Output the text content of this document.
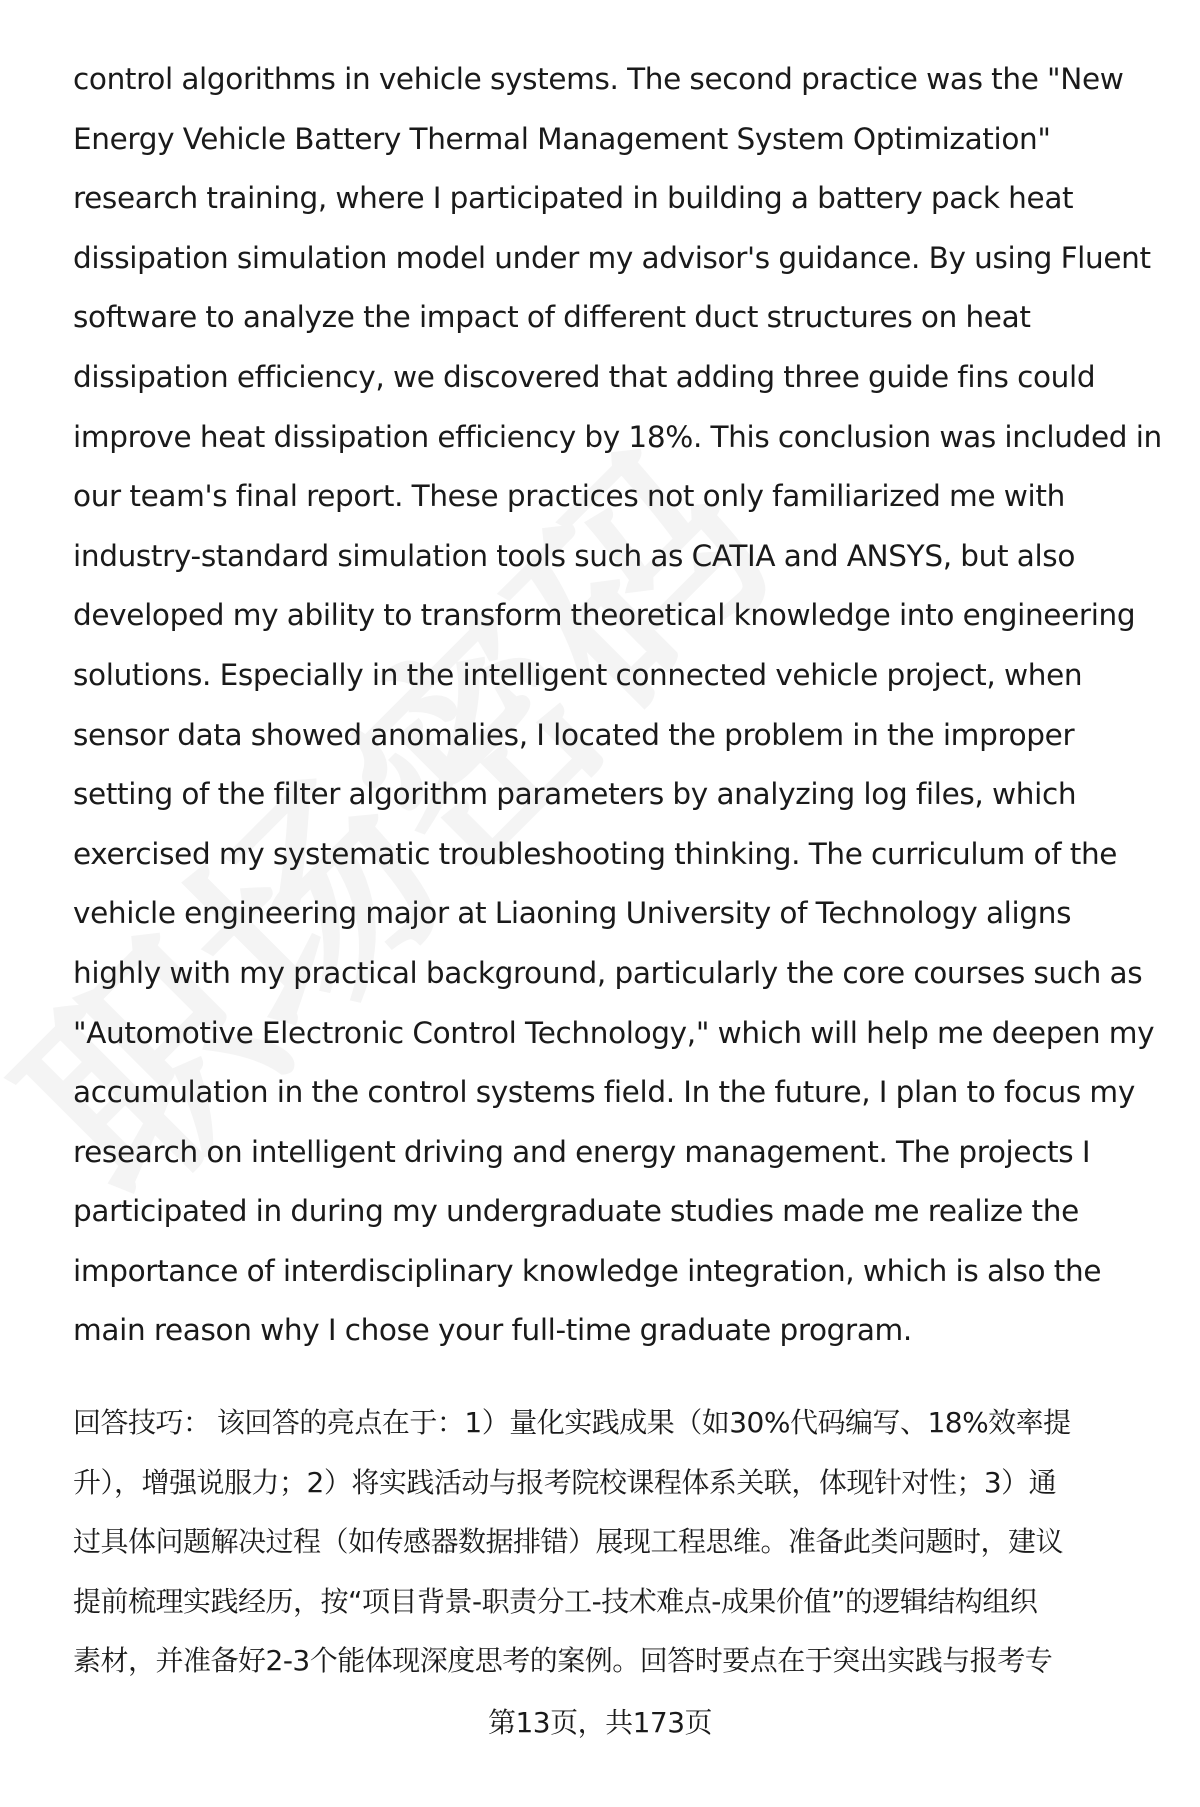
control algorithms in vehicle systems. The second practice was the "New
Energy Vehicle Battery Thermal Management System Optimization"
research training, where I participated in building a battery pack heat
dissipation simulation model under my advisor's guidance. By using Fluent
software to analyze the impact of different duct structures on heat
dissipation efficiency, we discovered that adding three guide fins could
improve heat dissipation efficiency by 18%. This conclusion was included in
our team's final report. These practices not only familiarized me with
industry-standard simulation tools such as CATIA and ANSYS, but also
developed my ability to transform theoretical knowledge into engineering
solutions. Especially in the intelligent connected vehicle project, when
sensor data showed anomalies, I located the problem in the improper
setting of the filter algorithm parameters by analyzing log files, which
exercised my systematic troubleshooting thinking. The curriculum of the
vehicle engineering major at Liaoning University of Technology aligns
highly with my practical background, particularly the core courses such as
"Automotive Electronic Control Technology," which will help me deepen my
accumulation in the control systems field. In the future, I plan to focus my
research on intelligent driving and energy management. The projects I
participated in during my undergraduate studies made me realize the
importance of interdisciplinary knowledge integration, which is also the
main reason why I chose your full-time graduate program.

回答技巧： 该回答的亮点在于：1）量化实践成果（如30%代码编写、18%效率提
升），增强说服力；2）将实践活动与报考院校课程体系关联，体现针对性；3）通
过具体问题解决过程（如传感器数据排错）展现工程思维。准备此类问题时，建议
提前梳理实践经历，按“项目背景-职责分工-技术难点-成果价值”的逻辑结构组织
素材，并准备好2-3个能体现深度思考的案例。回答时要点在于突出实践与报考专

第13页，共173页
